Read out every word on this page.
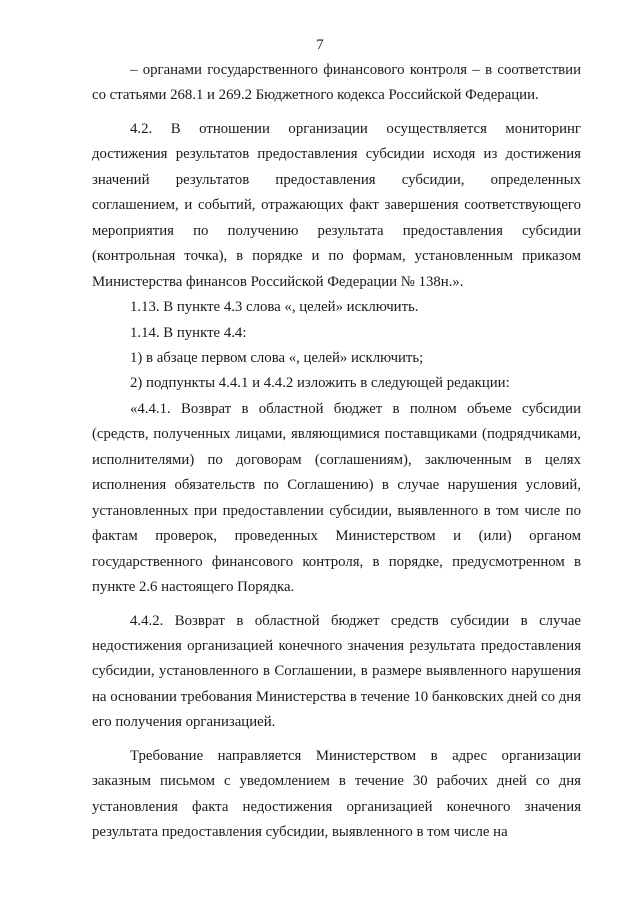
7

– органами государственного финансового контроля – в соответствии со статьями 268.1 и 269.2 Бюджетного кодекса Российской Федерации.

4.2. В отношении организации осуществляется мониторинг достижения результатов предоставления субсидии исходя из достижения значений результатов предоставления субсидии, определенных соглашением, и событий, отражающих факт завершения соответствующего мероприятия по получению результата предоставления субсидии (контрольная точка), в порядке и по формам, установленным приказом Министерства финансов Российской Федерации № 138н.».

1.13. В пункте 4.3 слова «, целей» исключить.

1.14. В пункте 4.4:

1) в абзаце первом слова «, целей» исключить;

2) подпункты 4.4.1 и 4.4.2 изложить в следующей редакции:

«4.4.1. Возврат в областной бюджет в полном объеме субсидии (средств, полученных лицами, являющимися поставщиками (подрядчиками, исполнителями) по договорам (соглашениям), заключенным в целях исполнения обязательств по Соглашению) в случае нарушения условий, установленных при предоставлении субсидии, выявленного в том числе по фактам проверок, проведенных Министерством и (или) органом государственного финансового контроля, в порядке, предусмотренном в пункте 2.6 настоящего Порядка.

4.4.2. Возврат в областной бюджет средств субсидии в случае недостижения организацией конечного значения результата предоставления субсидии, установленного в Соглашении, в размере выявленного нарушения на основании требования Министерства в течение 10 банковских дней со дня его получения организацией.

Требование направляется Министерством в адрес организации заказным письмом с уведомлением в течение 30 рабочих дней со дня установления факта недостижения организацией конечного значения результата предоставления субсидии, выявленного в том числе на
